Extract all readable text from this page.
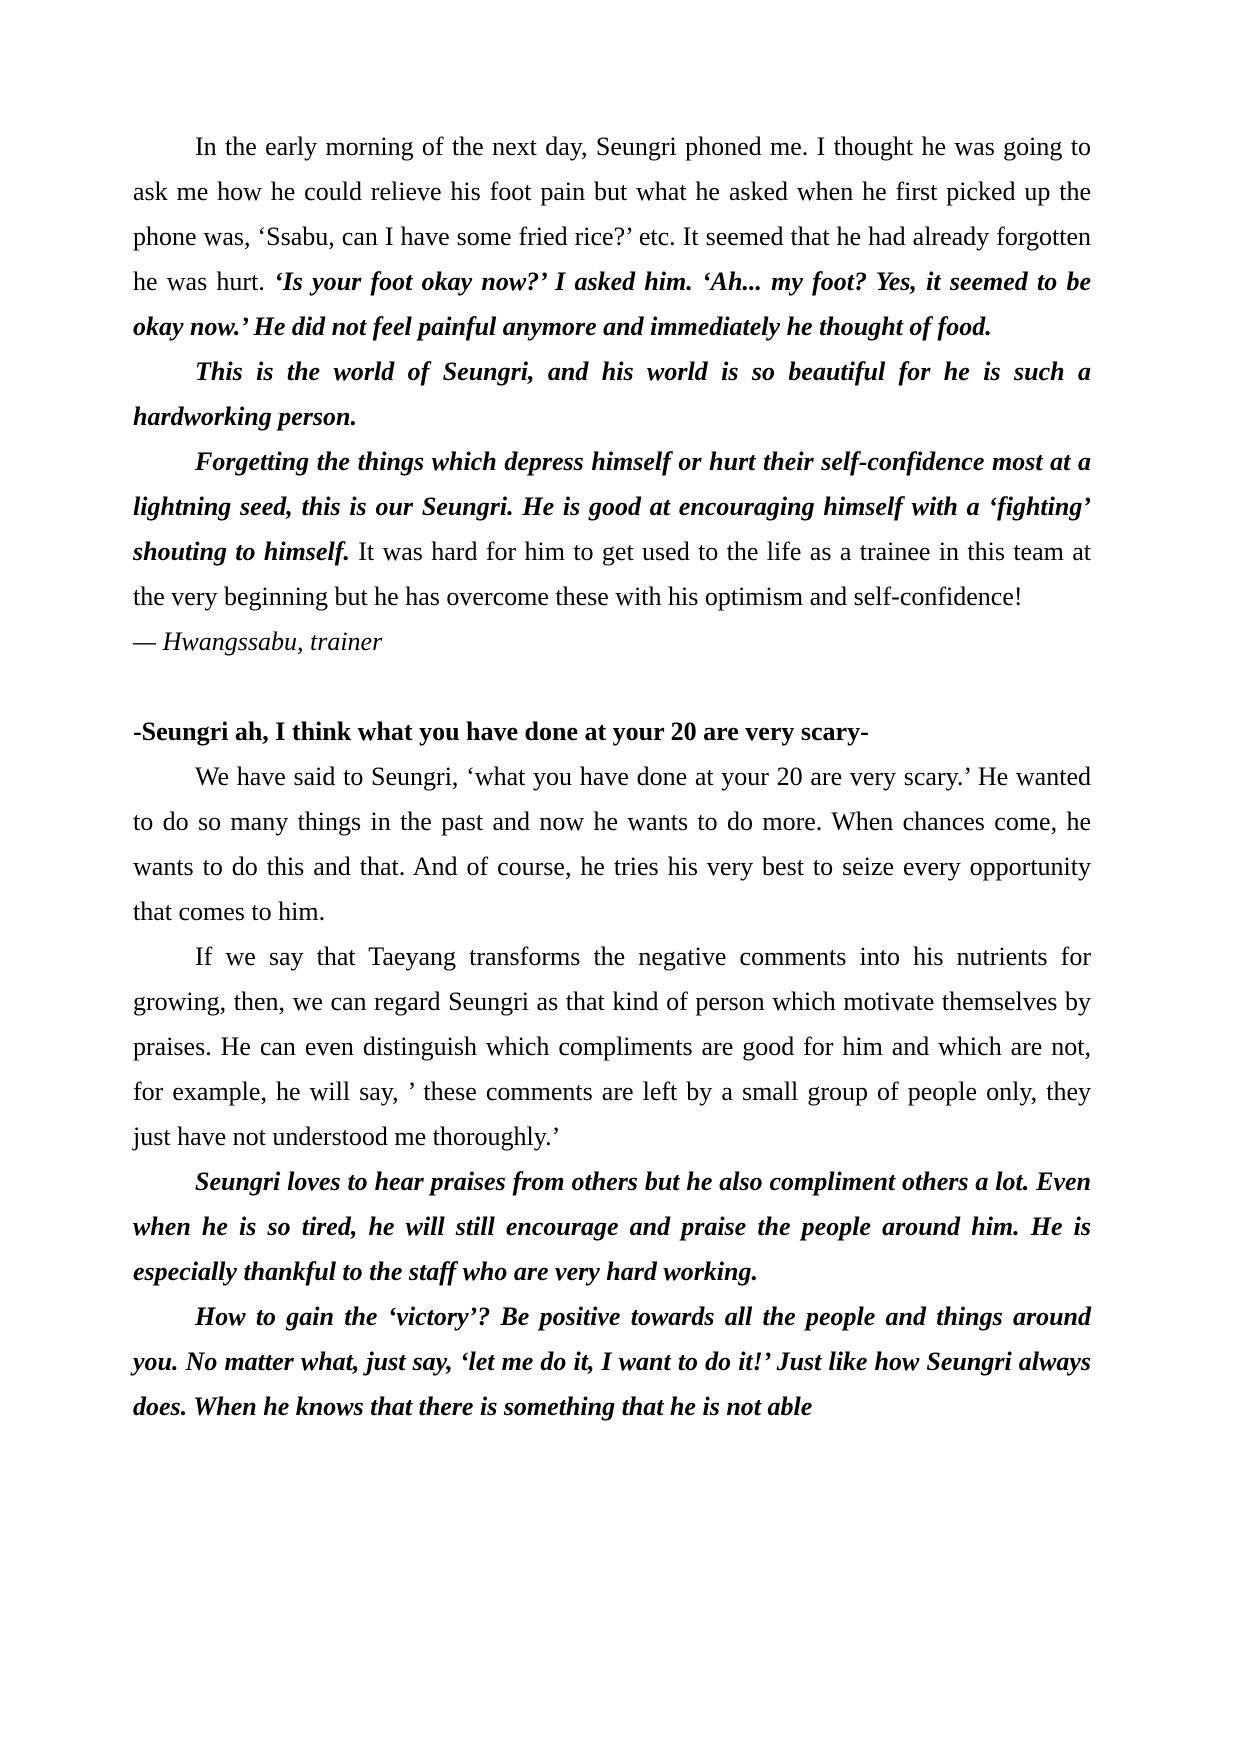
In the early morning of the next day, Seungri phoned me. I thought he was going to ask me how he could relieve his foot pain but what he asked when he first picked up the phone was, ‘Ssabu, can I have some fried rice?’ etc. It seemed that he had already forgotten he was hurt. ‘Is your foot okay now?’ I asked him. ‘Ah... my foot? Yes, it seemed to be okay now.’ He did not feel painful anymore and immediately he thought of food.

This is the world of Seungri, and his world is so beautiful for he is such a hardworking person.

Forgetting the things which depress himself or hurt their self-confidence most at a lightning seed, this is our Seungri. He is good at encouraging himself with a ‘fighting’ shouting to himself. It was hard for him to get used to the life as a trainee in this team at the very beginning but he has overcome these with his optimism and self-confidence!

— Hwangssabu, trainer

-Seungri ah, I think what you have done at your 20 are very scary-

We have said to Seungri, ‘what you have done at your 20 are very scary.’ He wanted to do so many things in the past and now he wants to do more. When chances come, he wants to do this and that. And of course, he tries his very best to seize every opportunity that comes to him.

If we say that Taeyang transforms the negative comments into his nutrients for growing, then, we can regard Seungri as that kind of person which motivate themselves by praises. He can even distinguish which compliments are good for him and which are not, for example, he will say, ’ these comments are left by a small group of people only, they just have not understood me thoroughly.’

Seungri loves to hear praises from others but he also compliment others a lot. Even when he is so tired, he will still encourage and praise the people around him. He is especially thankful to the staff who are very hard working.

How to gain the ‘victory’? Be positive towards all the people and things around you. No matter what, just say, ‘let me do it, I want to do it!’ Just like how Seungri always does. When he knows that there is something that he is not able
